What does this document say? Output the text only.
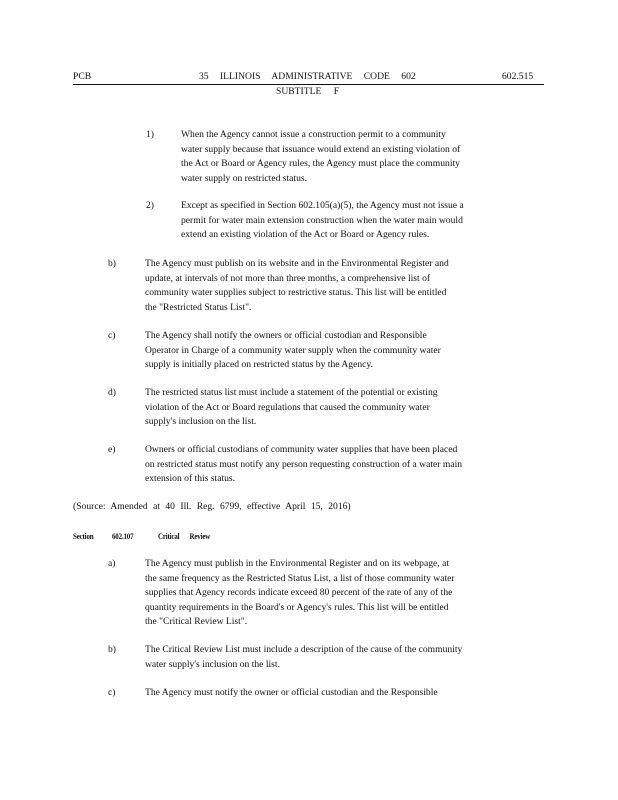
PCB	35 ILLINOIS ADMINISTRATIVE CODE 602
SUBTITLE F
602.515
1)	When the Agency cannot issue a construction permit to a community
water supply because that issuance would extend an existing violation of
the Act or Board or Agency rules, the Agency must place the community
water supply on restricted status.
2)	Except as specified in Section 602.105(a)(5), the Agency must not issue a
permit for water main extension construction when the water main would
extend an existing violation of the Act or Board or Agency rules.
b)	The Agency must publish on its website and in the Environmental Register and
update, at intervals of not more than three months, a comprehensive list of
community water supplies subject to restrictive status. This list will be entitled
the "Restricted Status List".
c)	The Agency shall notify the owners or official custodian and Responsible
Operator in Charge of a community water supply when the community water
supply is initially placed on restricted status by the Agency.
d)	The restricted status list must include a statement of the potential or existing
violation of the Act or Board regulations that caused the community water
supply's inclusion on the list.
e)	Owners or official custodians of community water supplies that have been placed
on restricted status must notify any person requesting construction of a water main
extension of this status.
(Source: Amended at 40 Ill. Reg. 6799, effective April 15, 2016)
Section 602.107	Critical Review
a)	The Agency must publish in the Environmental Register and on its webpage, at
the same frequency as the Restricted Status List, a list of those community water
supplies that Agency records indicate exceed 80 percent of the rate of any of the
quantity requirements in the Board's or Agency's rules. This list will be entitled
the "Critical Review List".
b)	The Critical Review List must include a description of the cause of the community
water supply's inclusion on the list.
c)	The Agency must notify the owner or official custodian and the Responsible
